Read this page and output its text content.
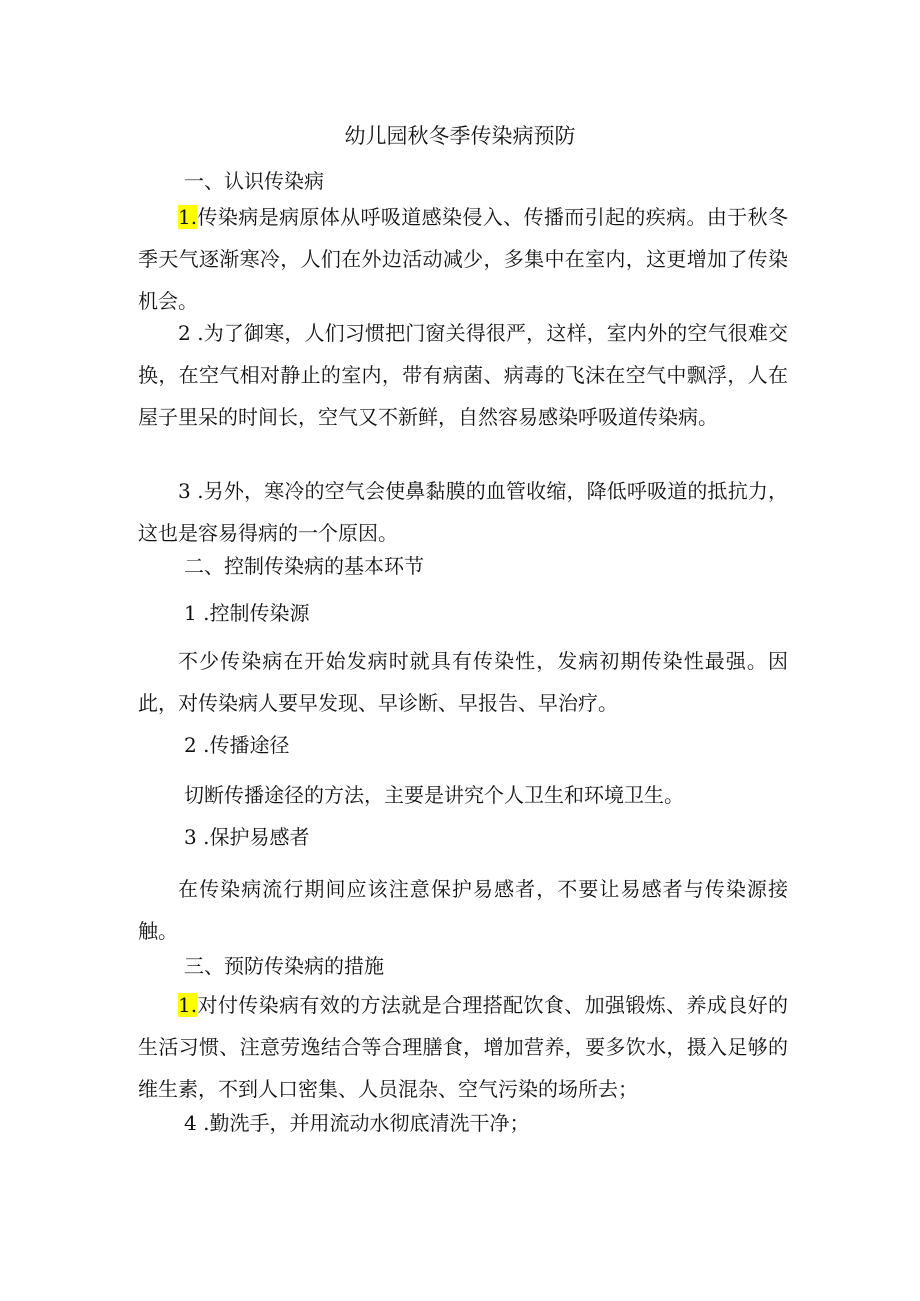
幼儿园秋冬季传染病预防

一、认识传染病

1.传染病是病原体从呼吸道感染侵入、传播而引起的疾病。由于秋冬季天气逐渐寒冷，人们在外边活动减少，多集中在室内，这更增加了传染机会。

2 .为了御寒，人们习惯把门窗关得很严，这样，室内外的空气很难交换，在空气相对静止的室内，带有病菌、病毒的飞沫在空气中飘浮，人在屋子里呆的时间长，空气又不新鲜，自然容易感染呼吸道传染病。

3 .另外，寒冷的空气会使鼻黏膜的血管收缩，降低呼吸道的抵抗力，这也是容易得病的一个原因。

二、控制传染病的基本环节

1 .控制传染源

不少传染病在开始发病时就具有传染性，发病初期传染性最强。因此，对传染病人要早发现、早诊断、早报告、早治疗。

2 .传播途径

切断传播途径的方法，主要是讲究个人卫生和环境卫生。

3 .保护易感者

在传染病流行期间应该注意保护易感者，不要让易感者与传染源接触。

三、预防传染病的措施

1.对付传染病有效的方法就是合理搭配饮食、加强锻炼、养成良好的生活习惯、注意劳逸结合等合理膳食，增加营养，要多饮水，摄入足够的维生素，不到人口密集、人员混杂、空气污染的场所去；

4 .勤洗手，并用流动水彻底清洗干净；
